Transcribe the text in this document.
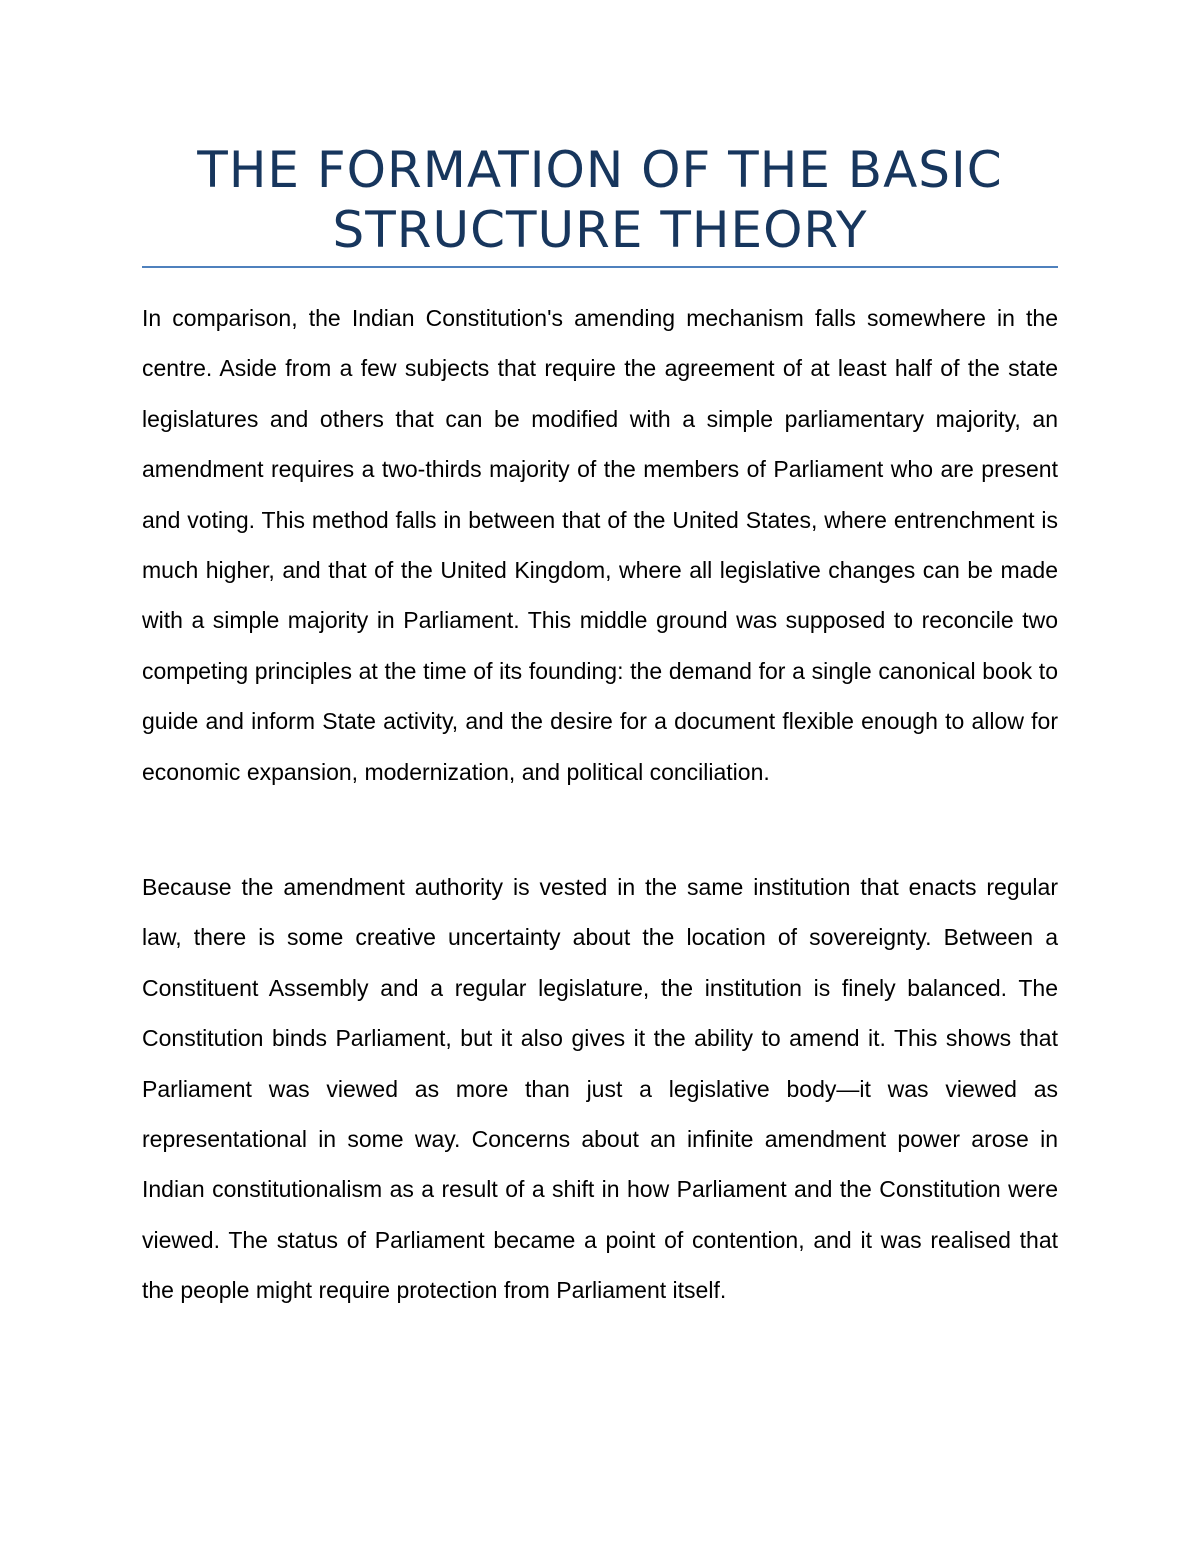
THE FORMATION OF THE BASIC STRUCTURE THEORY

In comparison, the Indian Constitution's amending mechanism falls somewhere in the centre. Aside from a few subjects that require the agreement of at least half of the state legislatures and others that can be modified with a simple parliamentary majority, an amendment requires a two-thirds majority of the members of Parliament who are present and voting. This method falls in between that of the United States, where entrenchment is much higher, and that of the United Kingdom, where all legislative changes can be made with a simple majority in Parliament. This middle ground was supposed to reconcile two competing principles at the time of its founding: the demand for a single canonical book to guide and inform State activity, and the desire for a document flexible enough to allow for economic expansion, modernization, and political conciliation.

Because the amendment authority is vested in the same institution that enacts regular law, there is some creative uncertainty about the location of sovereignty. Between a Constituent Assembly and a regular legislature, the institution is finely balanced. The Constitution binds Parliament, but it also gives it the ability to amend it. This shows that Parliament was viewed as more than just a legislative body—it was viewed as representational in some way. Concerns about an infinite amendment power arose in Indian constitutionalism as a result of a shift in how Parliament and the Constitution were viewed. The status of Parliament became a point of contention, and it was realised that the people might require protection from Parliament itself.
